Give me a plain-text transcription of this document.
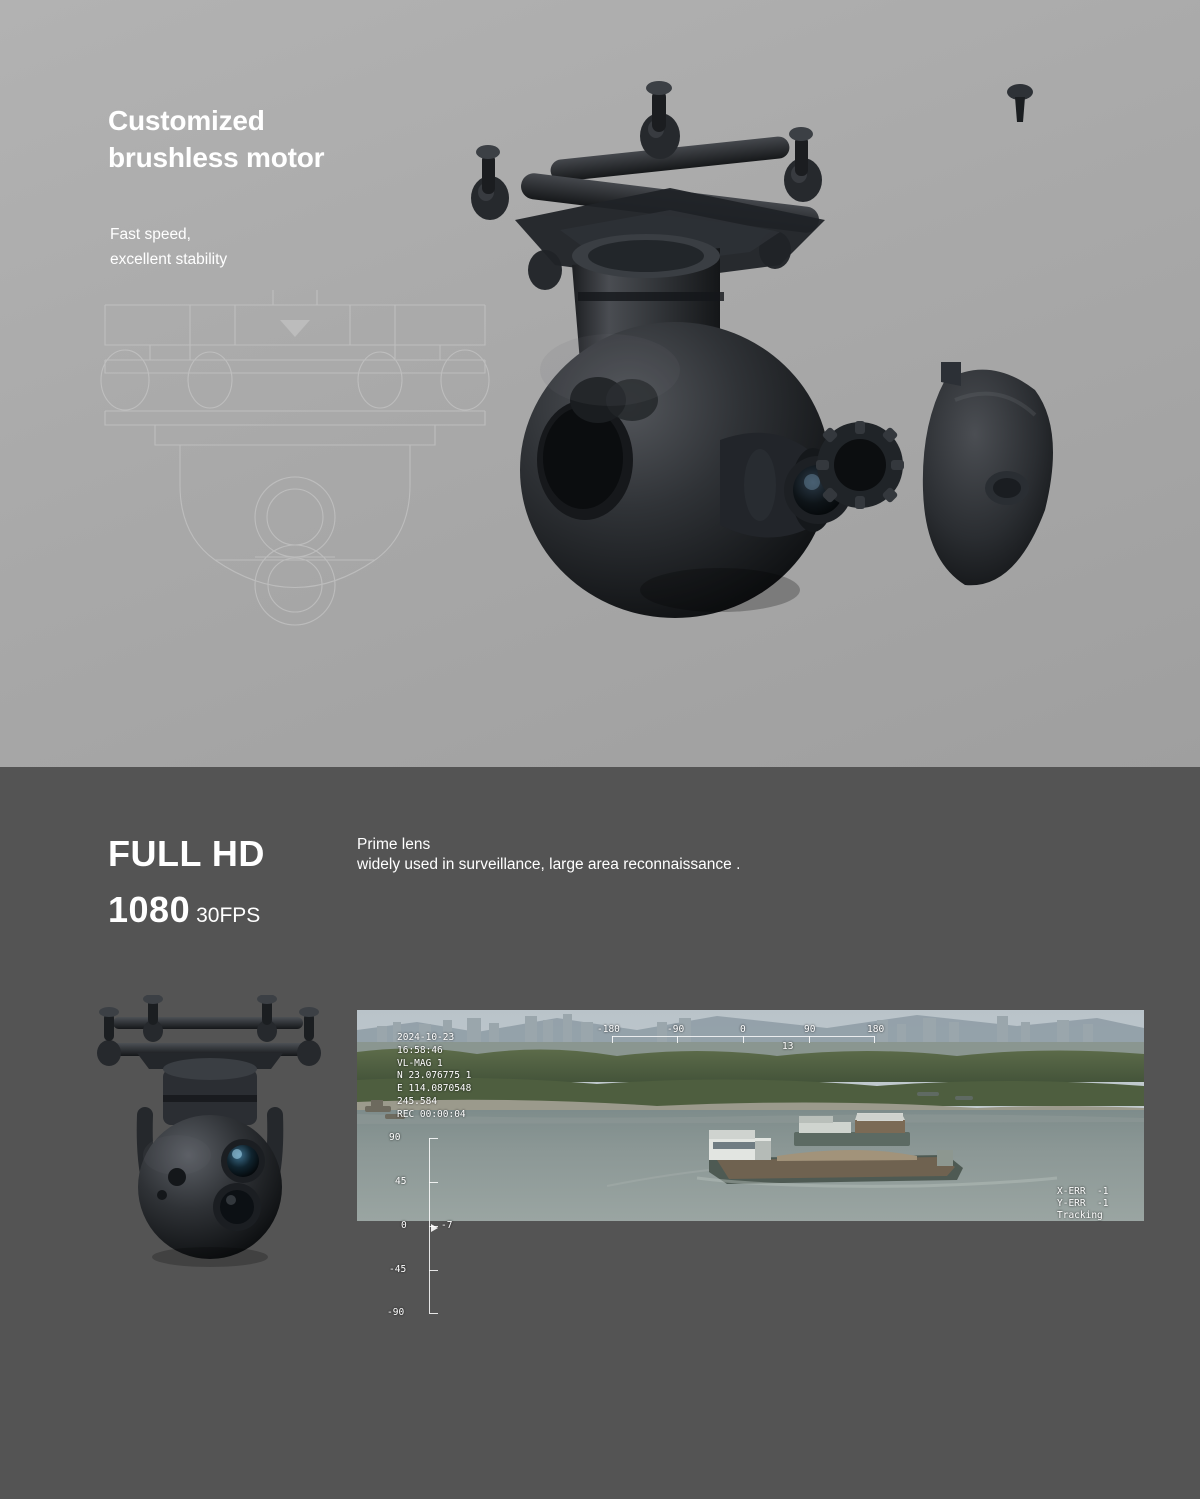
Customized
brushless motor
Fast speed,
excellent stability
FULL HD
1080 30FPS
Prime lens
widely used in surveillance, large area reconnaissance .
2024-10-23
16:58:46
VL-MAG 1
N 23.076775 1
E 114.0870548
245.584
REC 00:00:04
90
45
0
-45
-90
-7
-180	-90	0	90	180
13
X-ERR  -1
Y-ERR  -1
Tracking
